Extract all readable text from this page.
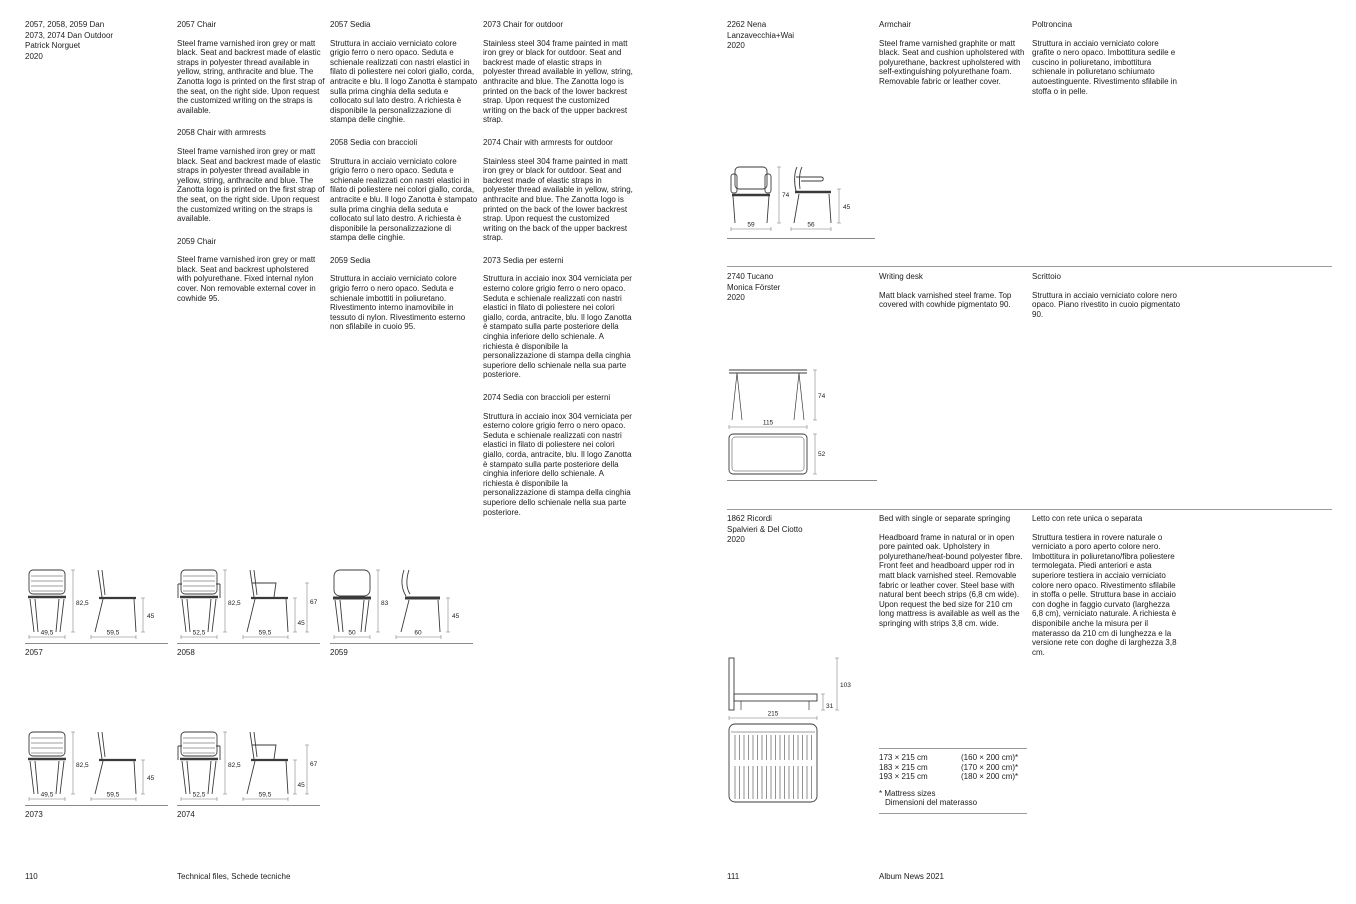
2057, 2058, 2059 Dan
2073, 2074 Dan Outdoor
Patrick Norguet
2020
2057 Chair
Steel frame varnished iron grey or matt black. Seat and backrest made of elastic straps in polyester thread available in yellow, string, anthracite and blue. The Zanotta logo is printed on the first strap of the seat, on the right side. Upon request the customized writing on the straps is available.
2058 Chair with armrests
Steel frame varnished iron grey or matt black. Seat and backrest made of elastic straps in polyester thread available in yellow, string, anthracite and blue. The Zanotta logo is printed on the first strap of the seat, on the right side. Upon request the customized writing on the straps is available.
2059 Chair
Steel frame varnished iron grey or matt black. Seat and backrest upholstered with polyurethane. Fixed internal nylon cover. Non removable external cover in cowhide 95.
2057 Sedia
Struttura in acciaio verniciato colore grigio ferro o nero opaco. Seduta e schienale realizzati con nastri elastici in filato di poliestere nei colori giallo, corda, antracite e blu. Il logo Zanotta è stampato sulla prima cinghia della seduta e collocato sul lato destro. A richiesta è disponibile la personalizzazione di stampa delle cinghie.
2058 Sedia con braccioli
Struttura in acciaio verniciato colore grigio ferro o nero opaco. Seduta e schienale realizzati con nastri elastici in filato di poliestere nei colori giallo, corda, antracite e blu. Il logo Zanotta è stampato sulla prima cinghia della seduta e collocato sul lato destro. A richiesta è disponibile la personalizzazione di stampa delle cinghie.
2059 Sedia
Struttura in acciaio verniciato colore grigio ferro o nero opaco. Seduta e schienale imbottiti in poliuretano. Rivestimento interno inamovibile in tessuto di nylon. Rivestimento esterno non sfilabile in cuoio 95.
2073 Chair for outdoor
Stainless steel 304 frame painted in matt iron grey or black for outdoor. Seat and backrest made of elastic straps in polyester thread available in yellow, string, anthracite and blue. The Zanotta logo is printed on the back of the lower backrest strap. Upon request the customized writing on the back of the upper backrest strap.
2074 Chair with armrests for outdoor
Stainless steel 304 frame painted in matt iron grey or black for outdoor. Seat and backrest made of elastic straps in polyester thread available in yellow, string, anthracite and blue. The Zanotta logo is printed on the back of the lower backrest strap. Upon request the customized writing on the back of the upper backrest strap.
2073 Sedia per esterni
Struttura in acciaio inox 304 verniciata per esterno colore grigio ferro o nero opaco. Seduta e schienale realizzati con nastri elastici in filato di poliestere nei colori giallo, corda, antracite, blu. Il logo Zanotta è stampato sulla parte posteriore della cinghia inferiore dello schienale. A richiesta è disponibile la personalizzazione di stampa della cinghia superiore dello schienale nella sua parte posteriore.
2074 Sedia con braccioli per esterni
Struttura in acciaio inox 304 verniciata per esterno colore grigio ferro o nero opaco. Seduta e schienale realizzati con nastri elastici in filato di poliestere nei colori giallo, corda, antracite, blu. Il logo Zanotta è stampato sulla parte posteriore della cinghia inferiore dello schienale. A richiesta è disponibile la personalizzazione di stampa della cinghia superiore dello schienale nella sua parte posteriore.
82,5
45
49,5	59,5
2057
82,5
45
67
52,5	59,5
2058
83
45
50	60
2059
82,5
45
49,5	59,5
2073
82,5
45
67
52,5	59,5
2074
110	Technical files, Schede tecniche
2262 Nena
Lanzavecchia+Wai
2020
Armchair
Steel frame varnished graphite or matt black. Seat and cushion upholstered with polyurethane, backrest upholstered with self-extinguishing polyurethane foam. Removable fabric or leather cover.
Poltroncina
Struttura in acciaio verniciato colore grafite o nero opaco. Imbottitura sedile e cuscino in poliuretano, imbottitura schienale in poliuretano schiumato autoestinguente. Rivestimento sfilabile in stoffa o in pelle.
74
45
59	56
2740 Tucano
Monica Förster
2020
Writing desk
Matt black varnished steel frame. Top covered with cowhide pigmentato 90.
Scrittoio
Struttura in acciaio verniciato colore nero opaco. Piano rivestito in cuoio pigmentato 90.
74
115
52
1862 Ricordi
Spalvieri & Del Ciotto
2020
Bed with single or separate springing
Headboard frame in natural or in open pore painted oak. Upholstery in polyurethane/heat-bound polyester fibre. Front feet and headboard upper rod in matt black varnished steel. Removable fabric or leather cover. Steel base with natural bent beech strips (6,8 cm wide). Upon request the bed size for 210 cm long mattress is available as well as the springing with strips 3,8 cm. wide.
Letto con rete unica o separata
Struttura testiera in rovere naturale o verniciato a poro aperto colore nero. Imbottitura in poliuretano/fibra poliestere termolegata. Piedi anteriori e asta superiore testiera in acciaio verniciato colore nero opaco. Rivestimento sfilabile in stoffa o pelle. Struttura base in acciaio con doghe in faggio curvato (larghezza 6,8 cm), verniciato naturale. A richiesta è disponibile anche la misura per il materasso da 210 cm di lunghezza e la versione rete con doghe di larghezza 3,8 cm.
31
103
215
173 × 215 cm	(160 × 200 cm)*
183 × 215 cm	(170 × 200 cm)*
193 × 215 cm	(180 × 200 cm)*
* Mattress sizes
Dimensioni del materasso
111	Album News 2021
